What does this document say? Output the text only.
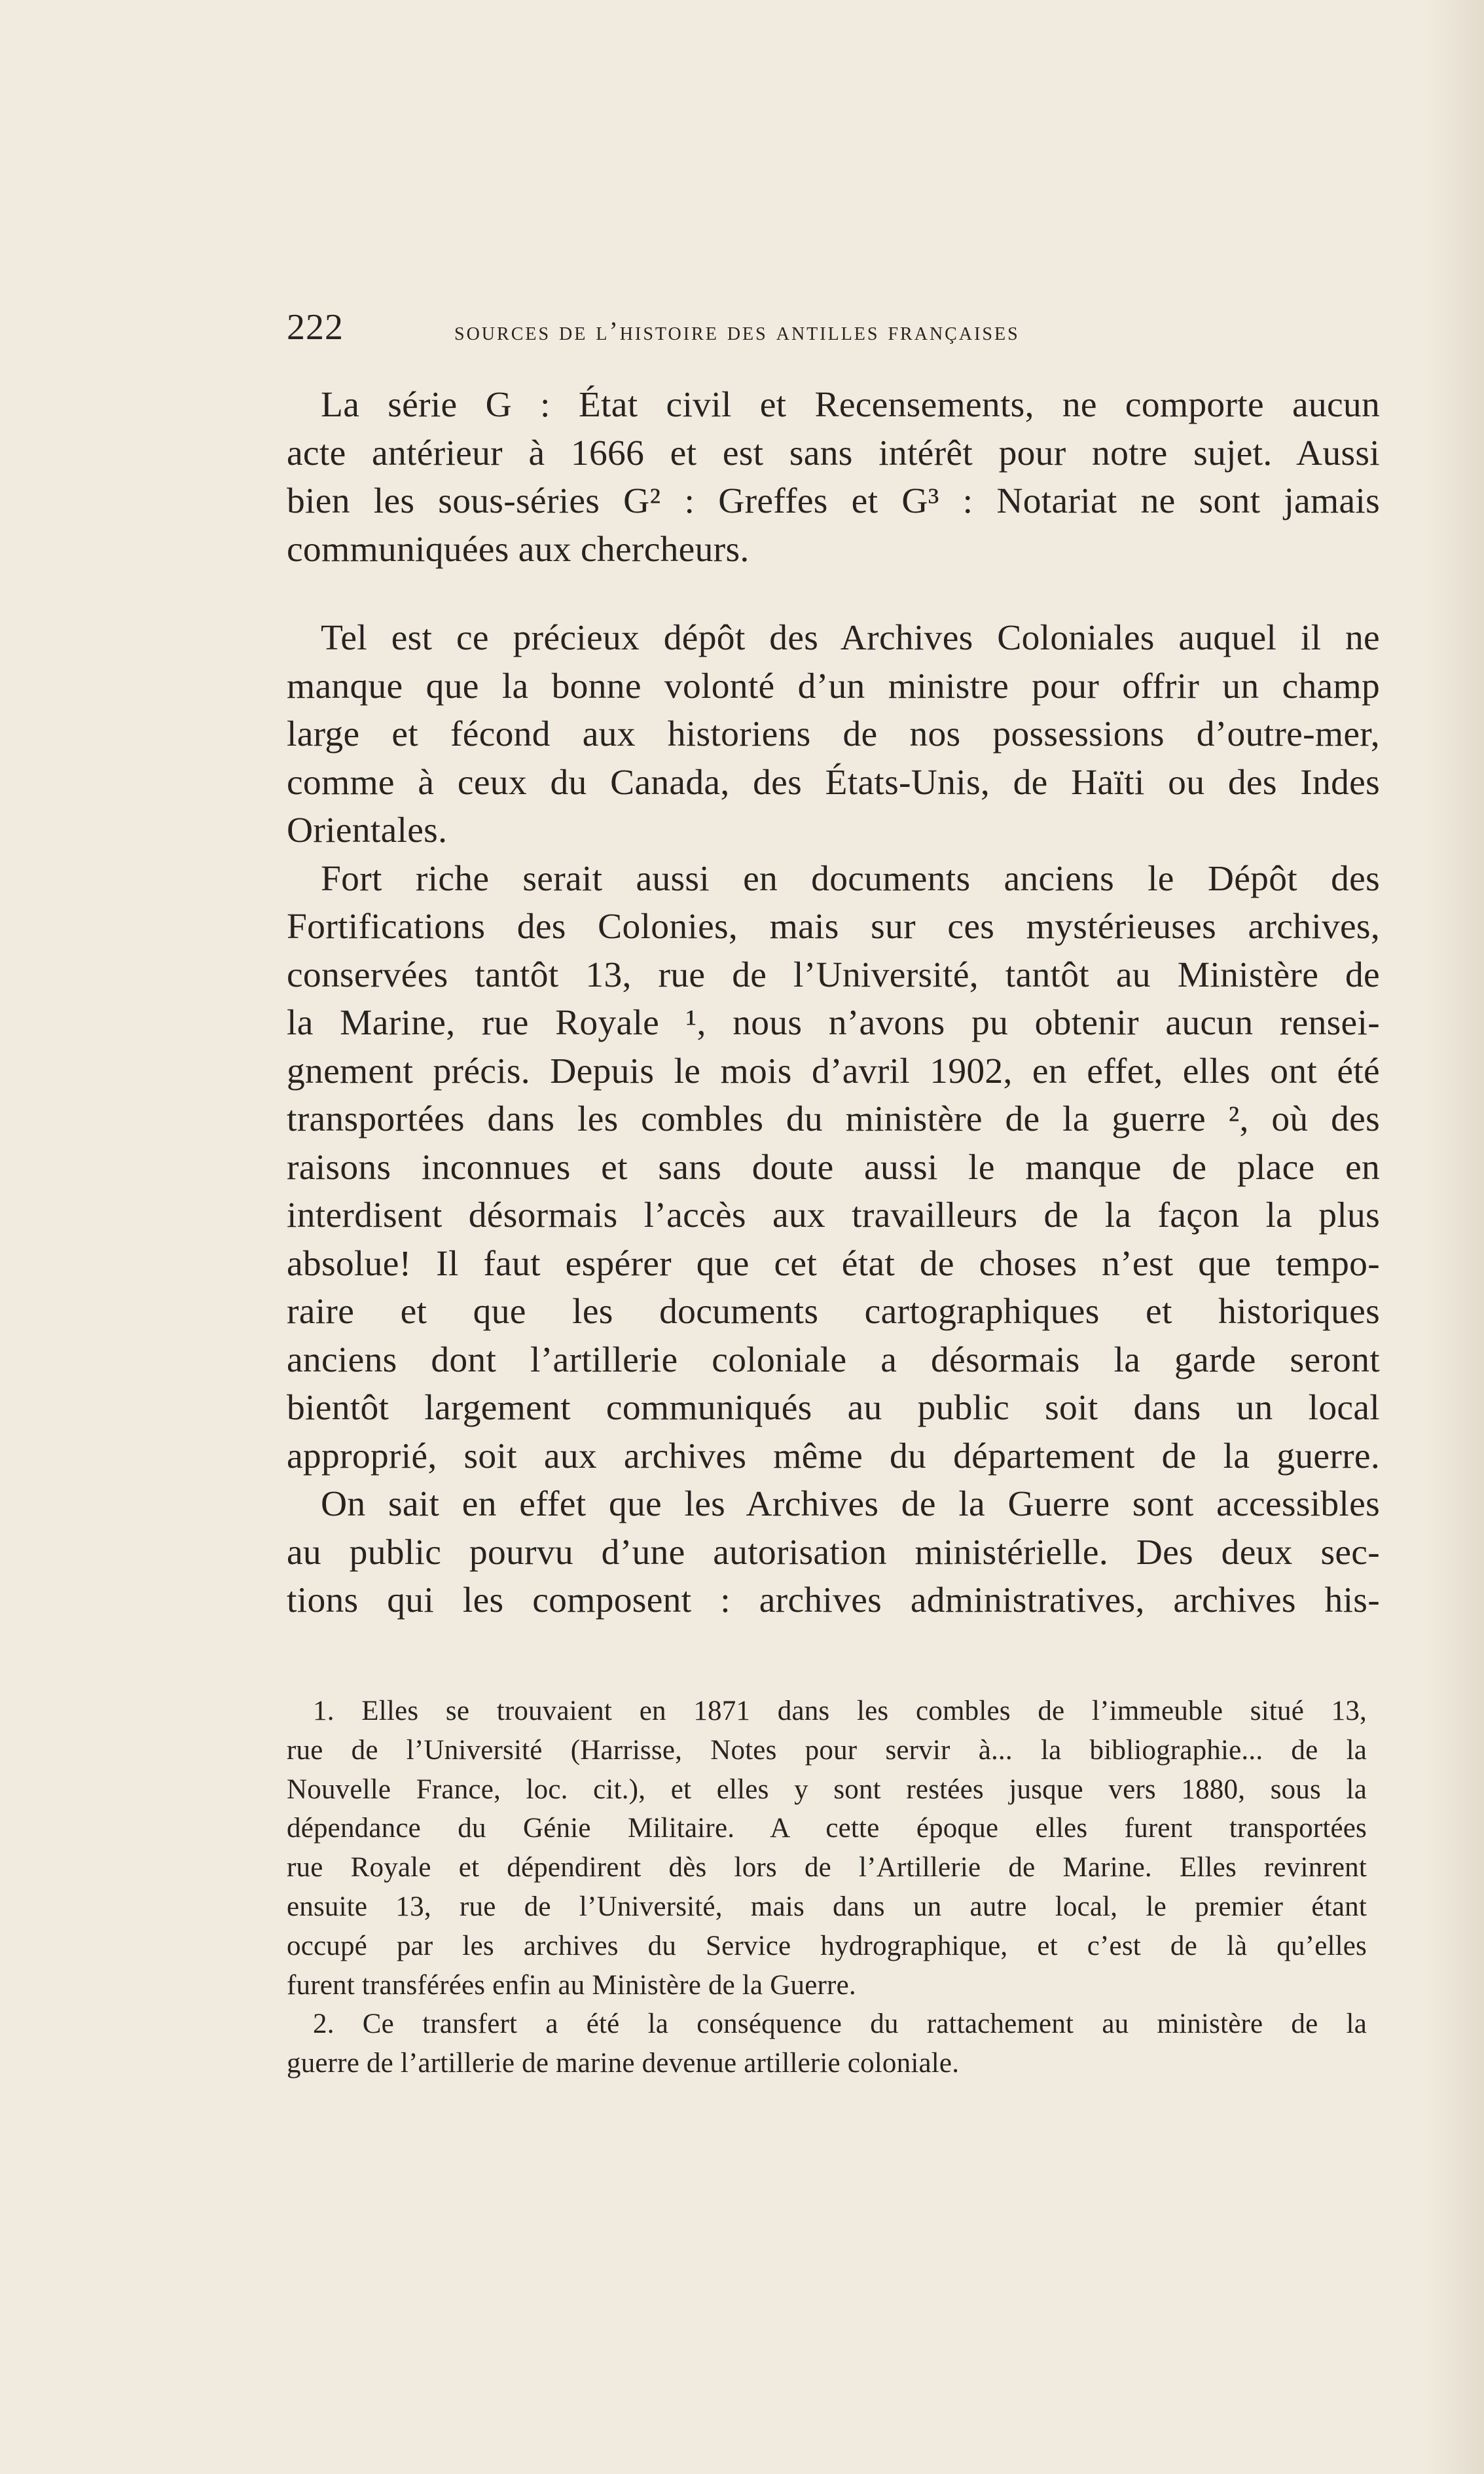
222	sources de l’histoire des antilles françaises
La série G : État civil et Recensements, ne comporte aucun
acte antérieur à 1666 et est sans intérêt pour notre sujet. Aussi
bien les sous-séries G² : Greffes et G³ : Notariat ne sont jamais
communiquées aux chercheurs.
Tel est ce précieux dépôt des Archives Coloniales auquel il ne
manque que la bonne volonté d’un ministre pour offrir un champ
large et fécond aux historiens de nos possessions d’outre-mer,
comme à ceux du Canada, des États-Unis, de Haïti ou des Indes
Orientales.
Fort riche serait aussi en documents anciens le Dépôt des
Fortifications des Colonies, mais sur ces mystérieuses archives,
conservées tantôt 13, rue de l’Université, tantôt au Ministère de
la Marine, rue Royale ¹, nous n’avons pu obtenir aucun rensei-
gnement précis. Depuis le mois d’avril 1902, en effet, elles ont été
transportées dans les combles du ministère de la guerre ², où des
raisons inconnues et sans doute aussi le manque de place en
interdisent désormais l’accès aux travailleurs de la façon la plus
absolue! Il faut espérer que cet état de choses n’est que tempo-
raire et que les documents cartographiques et historiques
anciens dont l’artillerie coloniale a désormais la garde seront
bientôt largement communiqués au public soit dans un local
approprié, soit aux archives même du département de la guerre.
On sait en effet que les Archives de la Guerre sont accessibles
au public pourvu d’une autorisation ministérielle. Des deux sec-
tions qui les composent : archives administratives, archives his-
1. Elles se trouvaient en 1871 dans les combles de l’immeuble situé 13,
rue de l’Université (Harrisse, Notes pour servir à... la bibliographie... de la
Nouvelle France, loc. cit.), et elles y sont restées jusque vers 1880, sous la
dépendance du Génie Militaire. A cette époque elles furent transportées
rue Royale et dépendirent dès lors de l’Artillerie de Marine. Elles revinrent
ensuite 13, rue de l’Université, mais dans un autre local, le premier étant
occupé par les archives du Service hydrographique, et c’est de là qu’elles
furent transférées enfin au Ministère de la Guerre.
2. Ce transfert a été la conséquence du rattachement au ministère de la
guerre de l’artillerie de marine devenue artillerie coloniale.
